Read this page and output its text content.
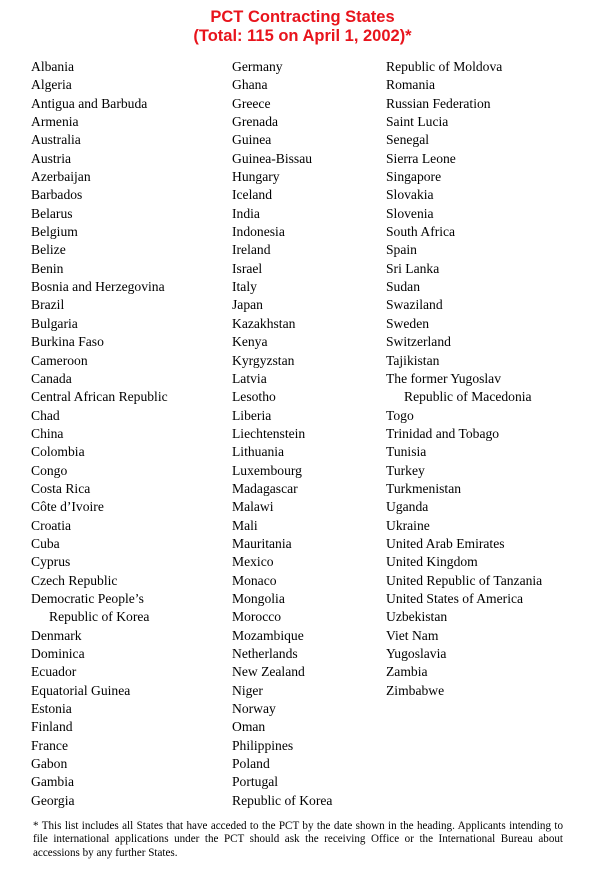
PCT Contracting States
(Total: 115 on April 1, 2002)*
Albania
Algeria
Antigua and Barbuda
Armenia
Australia
Austria
Azerbaijan
Barbados
Belarus
Belgium
Belize
Benin
Bosnia and Herzegovina
Brazil
Bulgaria
Burkina Faso
Cameroon
Canada
Central African Republic
Chad
China
Colombia
Congo
Costa Rica
Côte d’Ivoire
Croatia
Cuba
Cyprus
Czech Republic
Democratic People’s
Republic of Korea
Denmark
Dominica
Ecuador
Equatorial Guinea
Estonia
Finland
France
Gabon
Gambia
Georgia
Germany
Ghana
Greece
Grenada
Guinea
Guinea-Bissau
Hungary
Iceland
India
Indonesia
Ireland
Israel
Italy
Japan
Kazakhstan
Kenya
Kyrgyzstan
Latvia
Lesotho
Liberia
Liechtenstein
Lithuania
Luxembourg
Madagascar
Malawi
Mali
Mauritania
Mexico
Monaco
Mongolia
Morocco
Mozambique
Netherlands
New Zealand
Niger
Norway
Oman
Philippines
Poland
Portugal
Republic of Korea
Republic of Moldova
Romania
Russian Federation
Saint Lucia
Senegal
Sierra Leone
Singapore
Slovakia
Slovenia
South Africa
Spain
Sri Lanka
Sudan
Swaziland
Sweden
Switzerland
Tajikistan
The former Yugoslav
Republic of Macedonia
Togo
Trinidad and Tobago
Tunisia
Turkey
Turkmenistan
Uganda
Ukraine
United Arab Emirates
United Kingdom
United Republic of Tanzania
United States of America
Uzbekistan
Viet Nam
Yugoslavia
Zambia
Zimbabwe
* This list includes all States that have acceded to the PCT by the date shown in the heading. Applicants intending to file international applications under the PCT should ask the receiving Office or the International Bureau about accessions by any further States.
